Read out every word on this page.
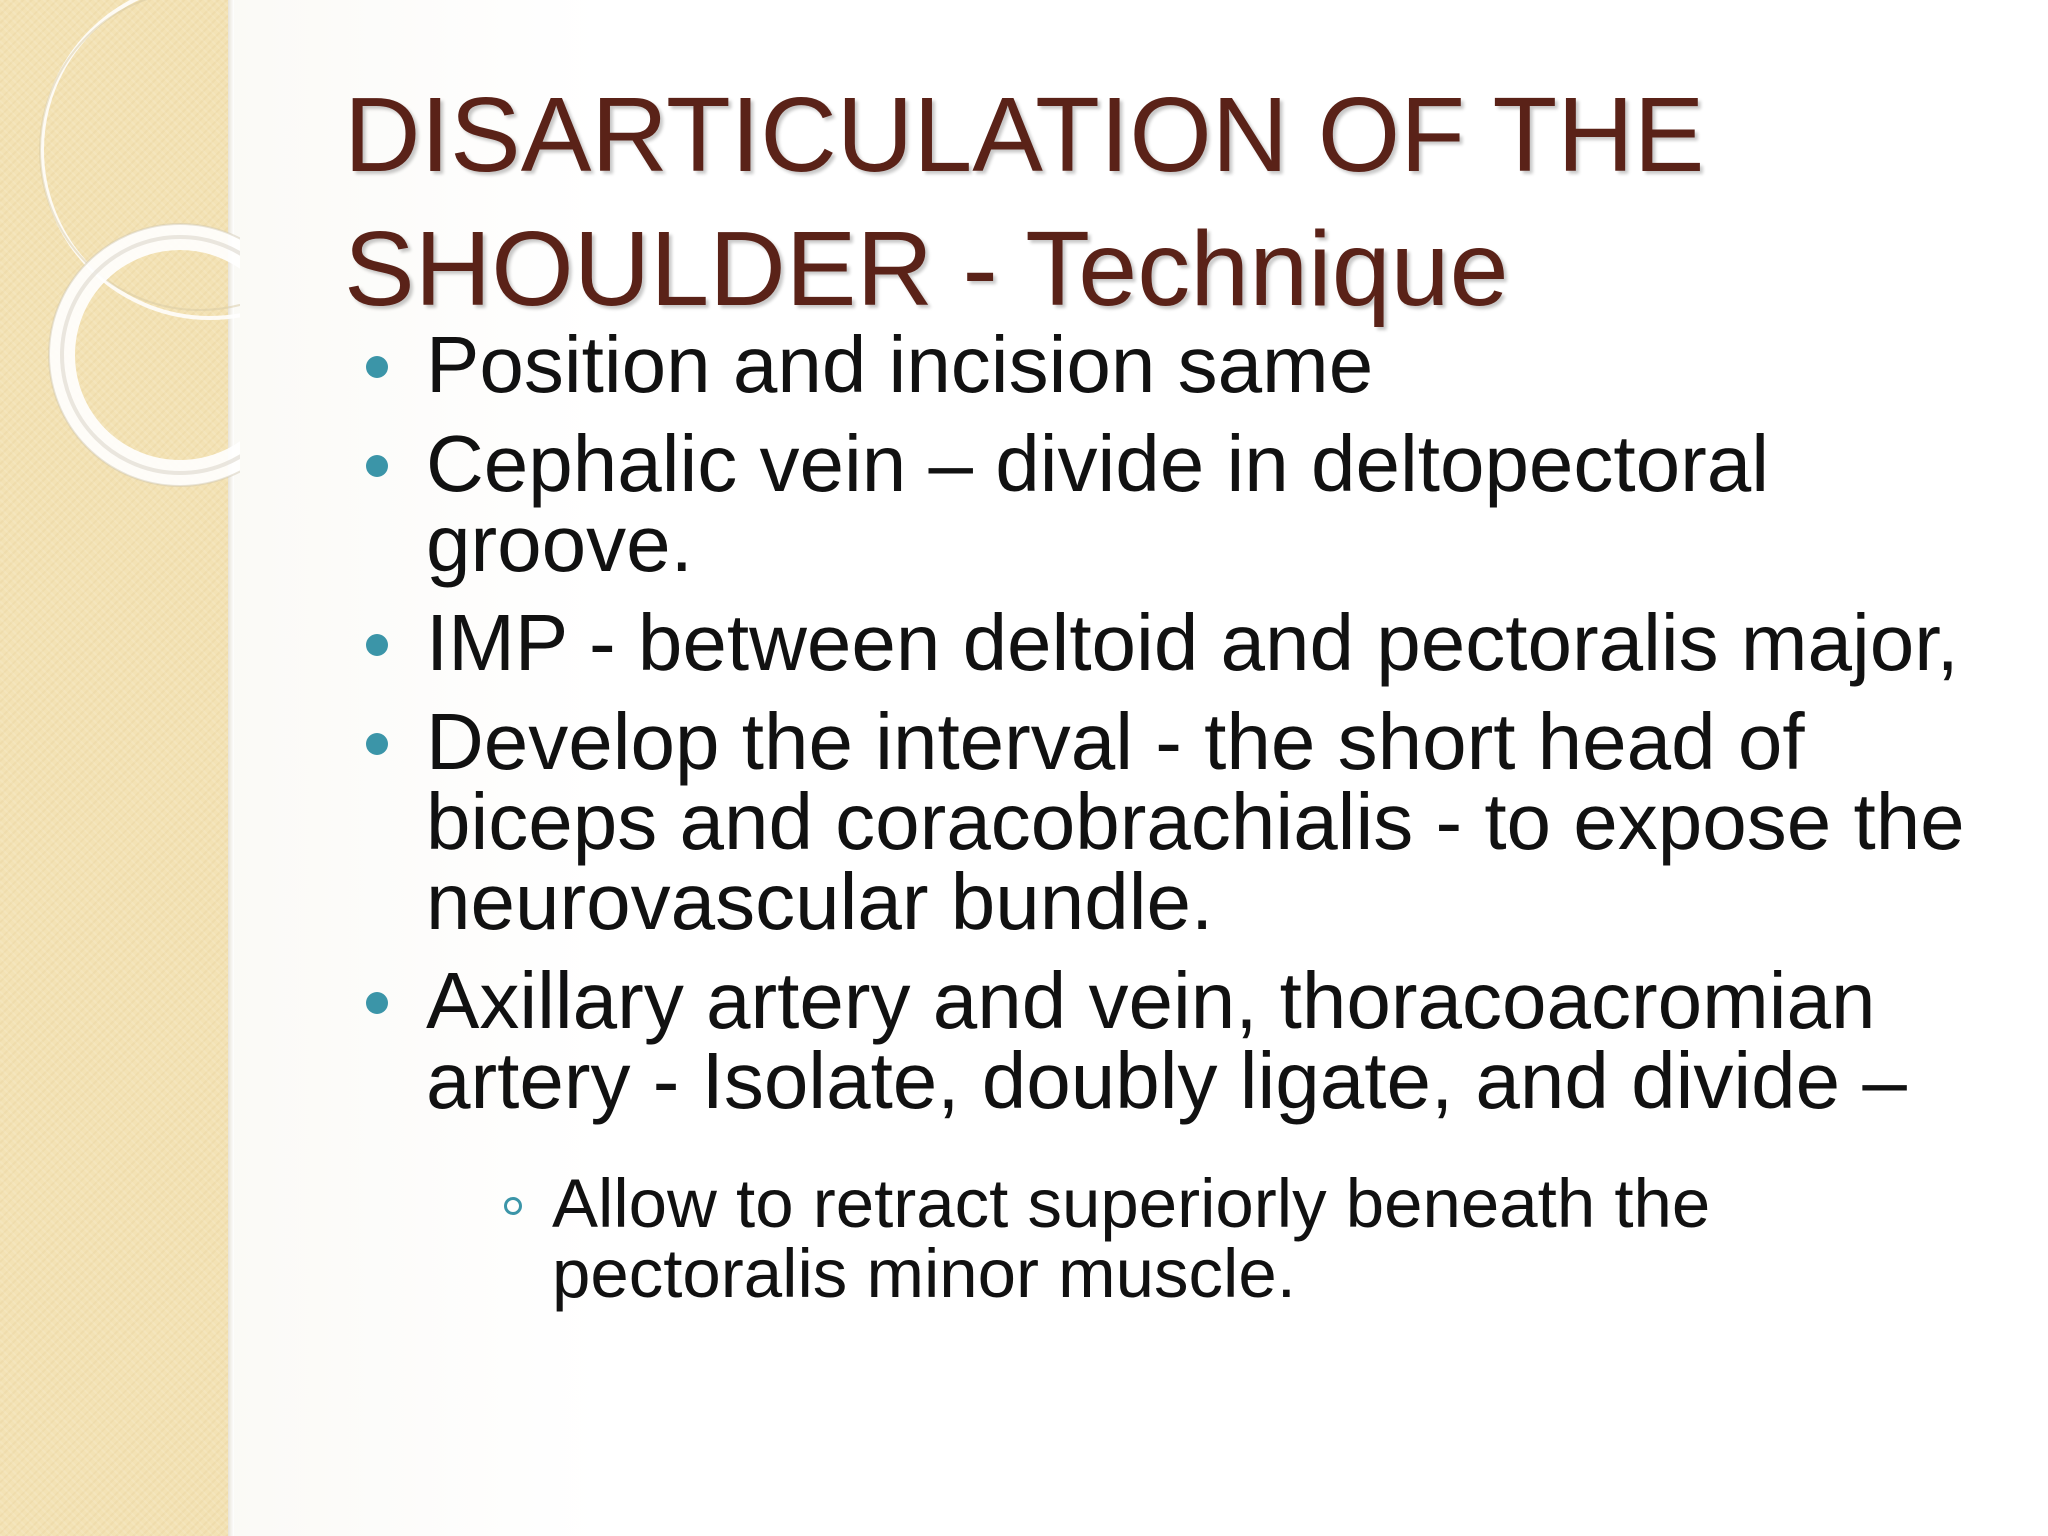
DISARTICULATION OF THE SHOULDER - Technique
Position and incision same
Cephalic vein – divide in deltopectoral groove.
IMP - between deltoid and pectoralis major,
Develop the interval - the short head of biceps and coracobrachialis - to expose the neurovascular bundle.
Axillary artery and vein, thoracoacromian artery - Isolate, doubly ligate, and divide –
Allow to retract superiorly beneath the pectoralis minor muscle.
